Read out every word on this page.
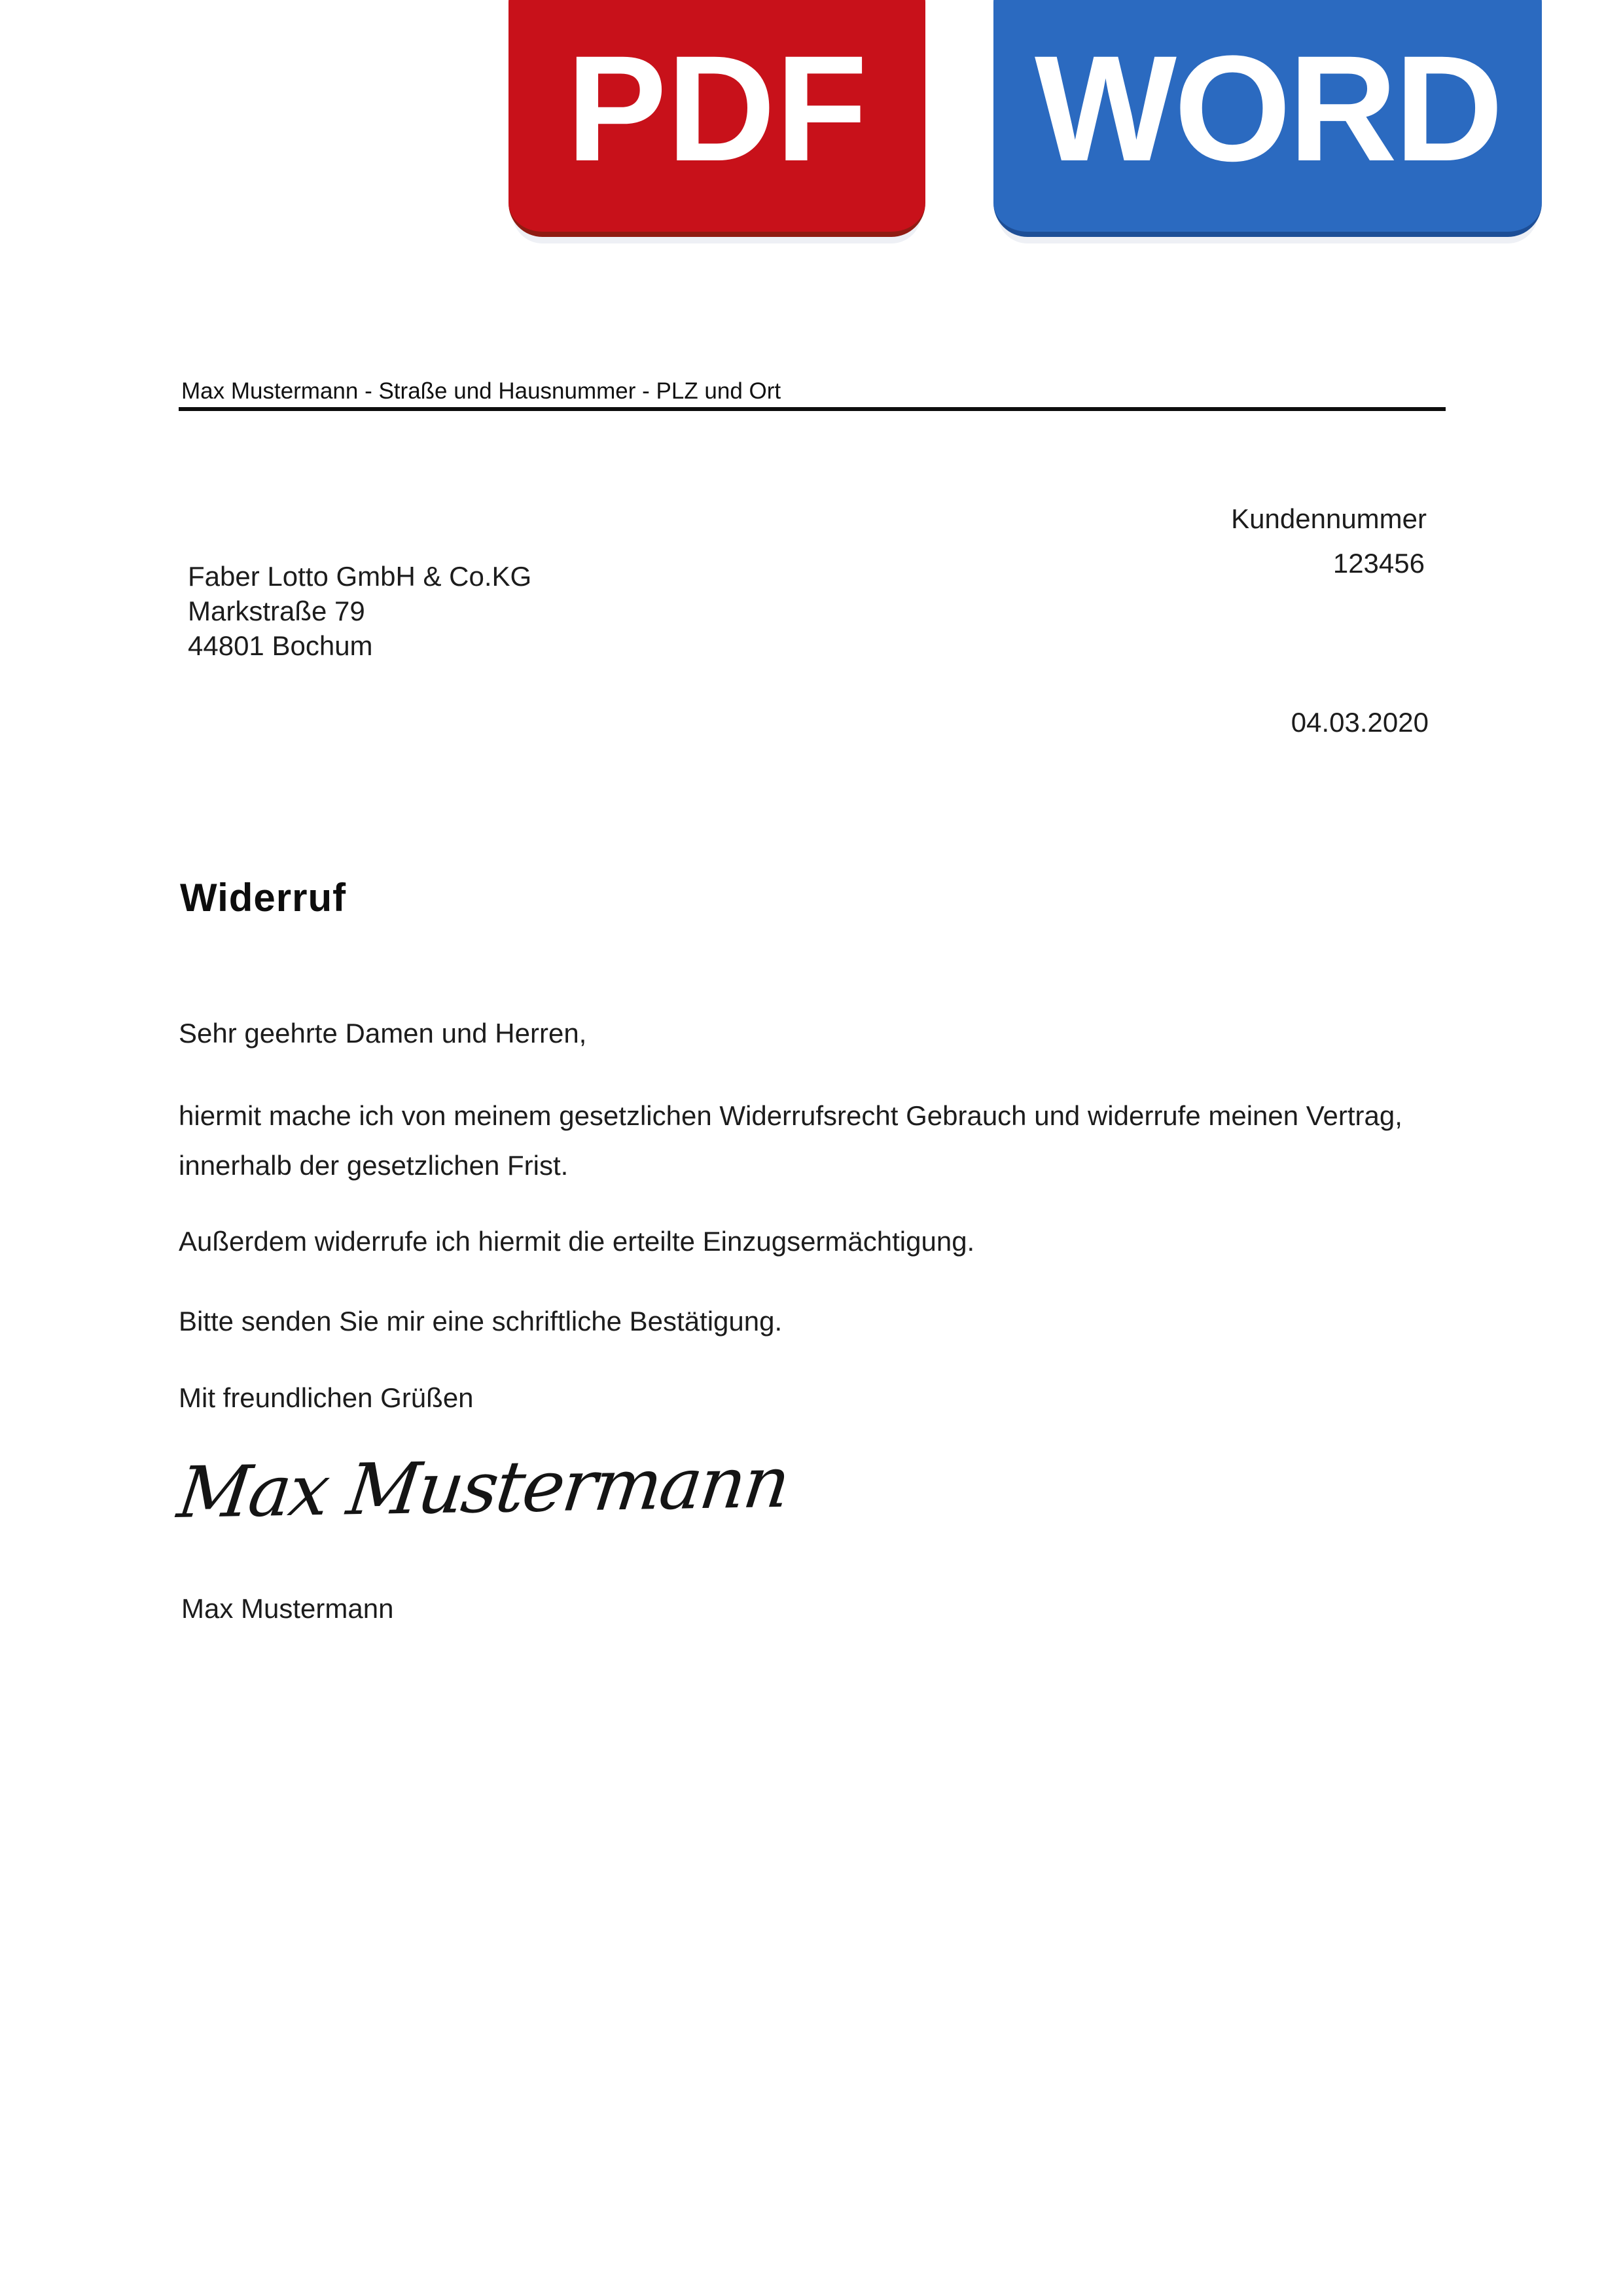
PDF WORD
Max Mustermann - Straße und Hausnummer - PLZ und Ort
Kundennummer
123456
04.03.2020
Faber Lotto GmbH & Co.KG
Markstraße 79
44801 Bochum
Widerruf
Sehr geehrte Damen und Herren,
hiermit mache ich von meinem gesetzlichen Widerrufsrecht Gebrauch und widerrufe meinen Vertrag,
innerhalb der gesetzlichen Frist.
Außerdem widerrufe ich hiermit die erteilte Einzugsermächtigung.
Bitte senden Sie mir eine schriftliche Bestätigung.
Mit freundlichen Grüßen
Max Mustermann
Max Mustermann
